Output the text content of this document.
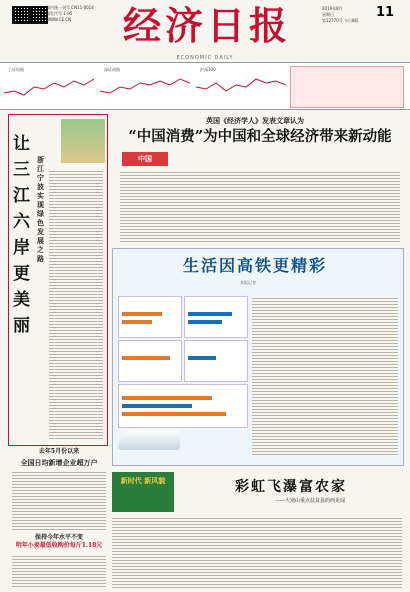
国内统一刊号 CN11-0014 邮发代号 1-95 WWW.CE.CN	经济日报
ECONOMIC DAILY
2019年8月
星期日
第12770号 今日8版
11
上证综指	深证成指	沪深300
让三江六岸更美丽
浙江宁波实现绿色发展之路
去年5月份以来
全国日均新增企业超万户
保持今年水平不变
明年小麦最低收购价每斤1.18元
英国《经济学人》发表文章认为
“中国消费”为中国和全球经济带来新动能
中国
生活因高铁更精彩
本报记者
新时代 新风貌	彩虹飞瀑富农家
——大别山重点扶贫县的西见闻
